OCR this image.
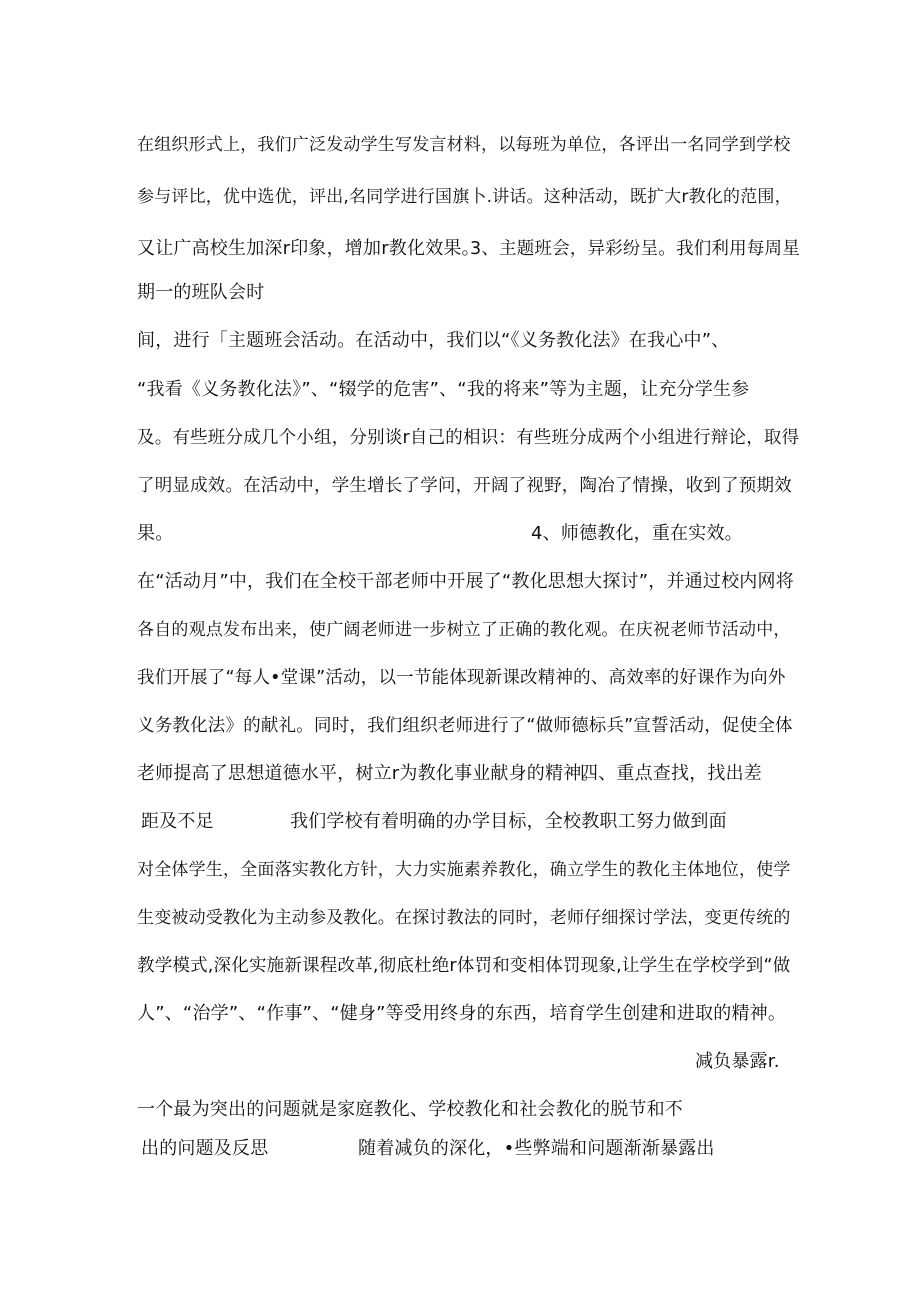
在组织形式上，我们广泛发动学生写发言材料，以每班为单位，各评出一名同学到学校
参与评比，优中选优，评出,名同学进行国旗卜.讲话。这种活动，既扩大r教化的范围，
又让广高校生加深r印象，增加r教化效果。
3、主题班会，异彩纷呈。我们利用每周星
期一的班队会时
间，进行「主题班会活动。在活动中，我们以“《义务教化法》在我心中”、
“我看《义务教化法》”、“辍学的危害”、“我的将来”等为主题，让充分学生参
及。有些班分成几个小组，分别谈r自己的相识：有些班分成两个小组进行辩论，取得
了明显成效。在活动中，学生增长了学问，开阔了视野，陶冶了情操，收到了预期效
果。	4、师德教化，重在实效。
在“活动月”中，我们在全校干部老师中开展了“教化思想大探讨”，并通过校内网将
各自的观点发布出来，使广阔老师进一步树立了正确的教化观。在庆祝老师节活动中，
我们开展了“每人•堂课”活动，以一节能体现新课改精神的、高效率的好课作为向外
义务教化法》的献礼。同时，我们组织老师进行了“做师德标兵”宣誓活动，促使全体
老师提高了思想道德水平，树立r为教化事业献身的精神。
四、重点查找，找出差
距及不足	我们学校有着明确的办学目标，全校教职工努力做到面
对全体学生，全面落实教化方针，大力实施素养教化，确立学生的教化主体地位，使学
生变被动受教化为主动参及教化。在探讨教法的同时，老师仔细探讨学法，变更传统的
教学模式,深化实施新课程改革,彻底杜绝r体罚和变相体罚现象,让学生在学校学到“做
人”、“治学”、“作事”、“健身”等受用终身的东西，培育学生创建和进取的精神。
减负暴露r.
一个最为突出的问题就是家庭教化、学校教化和社会教化的脱节和不
出的问题及反思	随着减负的深化，•些弊端和问题渐渐暴露出
